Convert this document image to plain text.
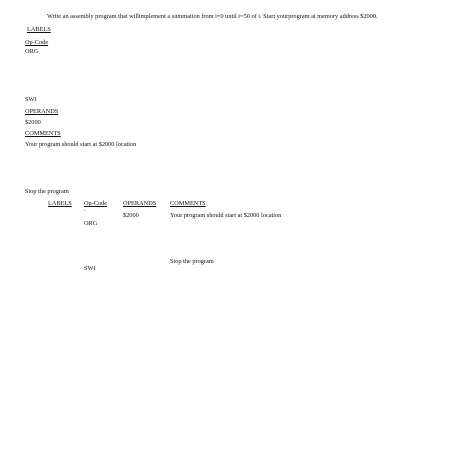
Write an assembly program that willimplement a summation from i=0 until i=50 of i. Start yourprogram at memory address $2000.
LABELS
Op-Code
ORG
SWI
OPERANDS
$2000
COMMENTS
Your program should start at $2000 location
Stop the program
LABELS Op-Code	OPERANDS COMMENTS
.
$2000	Your program should start at $2000 location
ORG
Stop the program
SWI
